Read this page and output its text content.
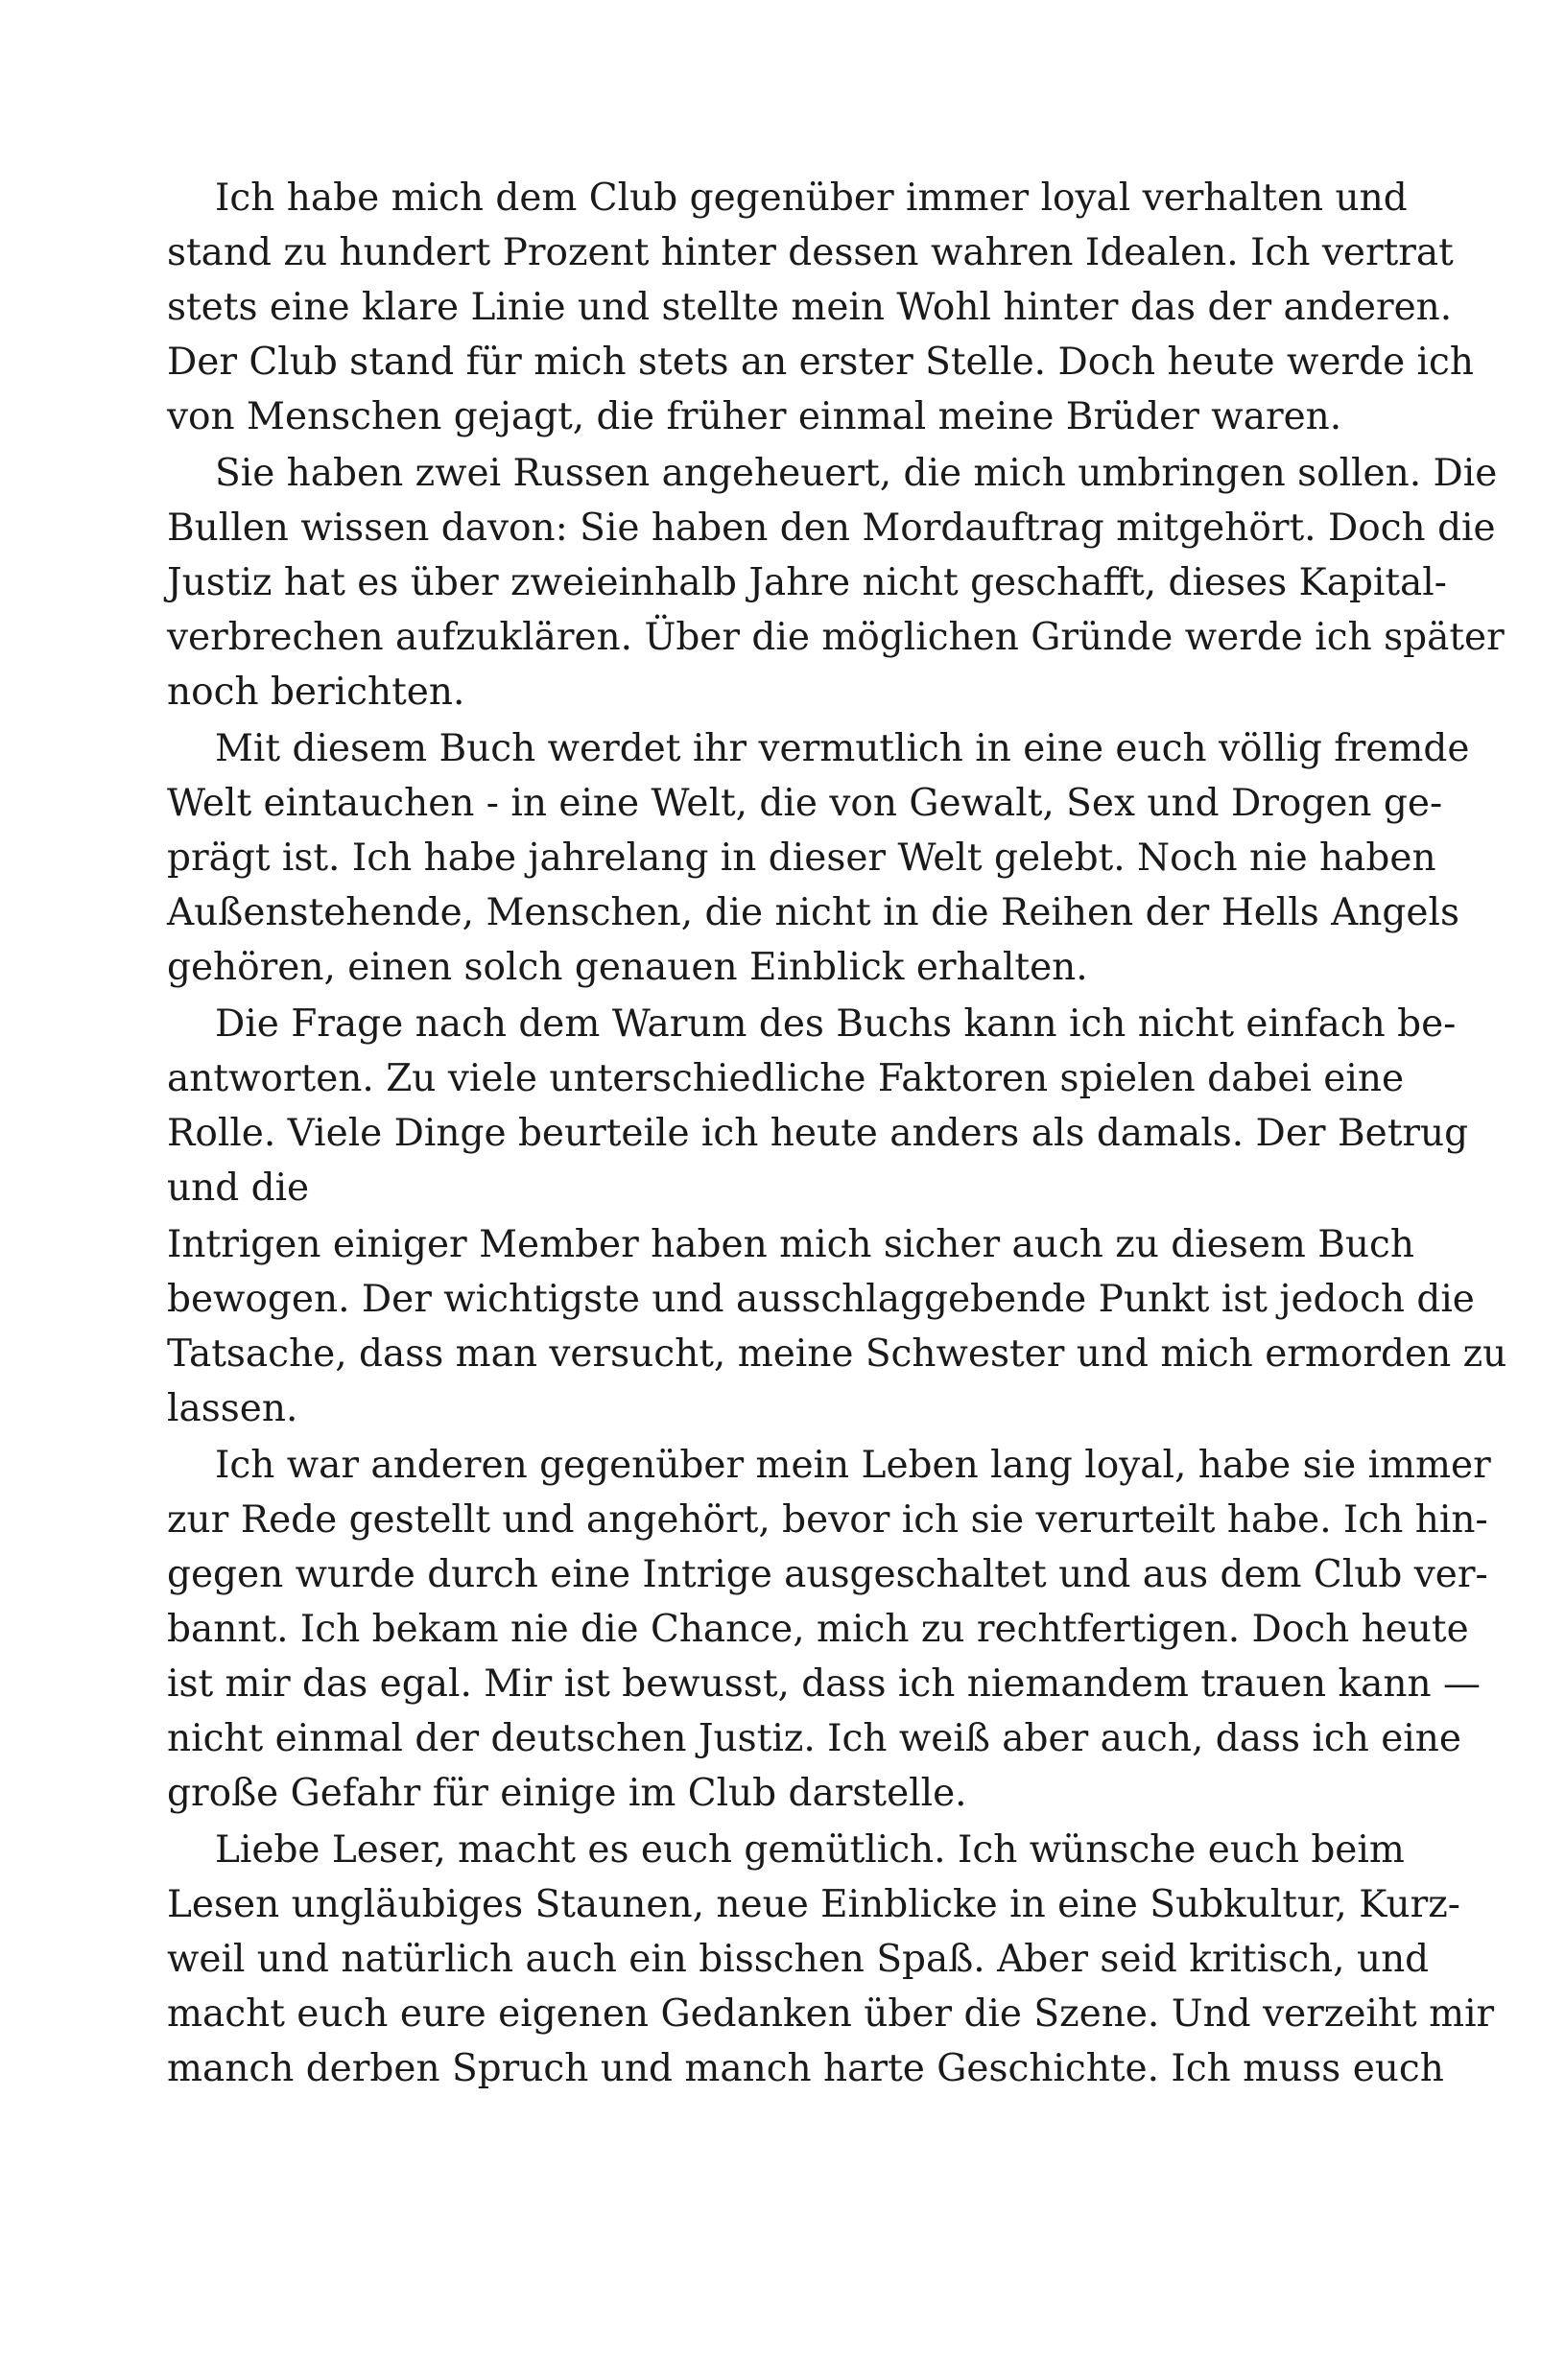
Ich habe mich dem Club gegenüber immer loyal verhalten und
stand zu hundert Prozent hinter dessen wahren Idealen. Ich vertrat
stets eine klare Linie und stellte mein Wohl hinter das der anderen.
Der Club stand für mich stets an erster Stelle. Doch heute werde ich
von Menschen gejagt, die früher einmal meine Brüder waren.
Sie haben zwei Russen angeheuert, die mich umbringen sollen. Die
Bullen wissen davon: Sie haben den Mordauftrag mitgehört. Doch die
Justiz hat es über zweieinhalb Jahre nicht geschafft, dieses Kapital-
verbrechen aufzuklären. Über die möglichen Gründe werde ich später
noch berichten.
Mit diesem Buch werdet ihr vermutlich in eine euch völlig fremde
Welt eintauchen - in eine Welt, die von Gewalt, Sex und Drogen ge-
prägt ist. Ich habe jahrelang in dieser Welt gelebt. Noch nie haben
Außenstehende, Menschen, die nicht in die Reihen der Hells Angels
gehören, einen solch genauen Einblick erhalten.
Die Frage nach dem Warum des Buchs kann ich nicht einfach be-
antworten. Zu viele unterschiedliche Faktoren spielen dabei eine
Rolle. Viele Dinge beurteile ich heute anders als damals. Der Betrug
und die
Intrigen einiger Member haben mich sicher auch zu diesem Buch
bewogen. Der wichtigste und ausschlaggebende Punkt ist jedoch die
Tatsache, dass man versucht, meine Schwester und mich ermorden zu
lassen.
Ich war anderen gegenüber mein Leben lang loyal, habe sie immer
zur Rede gestellt und angehört, bevor ich sie verurteilt habe. Ich hin-
gegen wurde durch eine Intrige ausgeschaltet und aus dem Club ver-
bannt. Ich bekam nie die Chance, mich zu rechtfertigen. Doch heute
ist mir das egal. Mir ist bewusst, dass ich niemandem trauen kann —
nicht einmal der deutschen Justiz. Ich weiß aber auch, dass ich eine
große Gefahr für einige im Club darstelle.
Liebe Leser, macht es euch gemütlich. Ich wünsche euch beim
Lesen ungläubiges Staunen, neue Einblicke in eine Subkultur, Kurz-
weil und natürlich auch ein bisschen Spaß. Aber seid kritisch, und
macht euch eure eigenen Gedanken über die Szene. Und verzeiht mir
manch derben Spruch und manch harte Geschichte. Ich muss euch
